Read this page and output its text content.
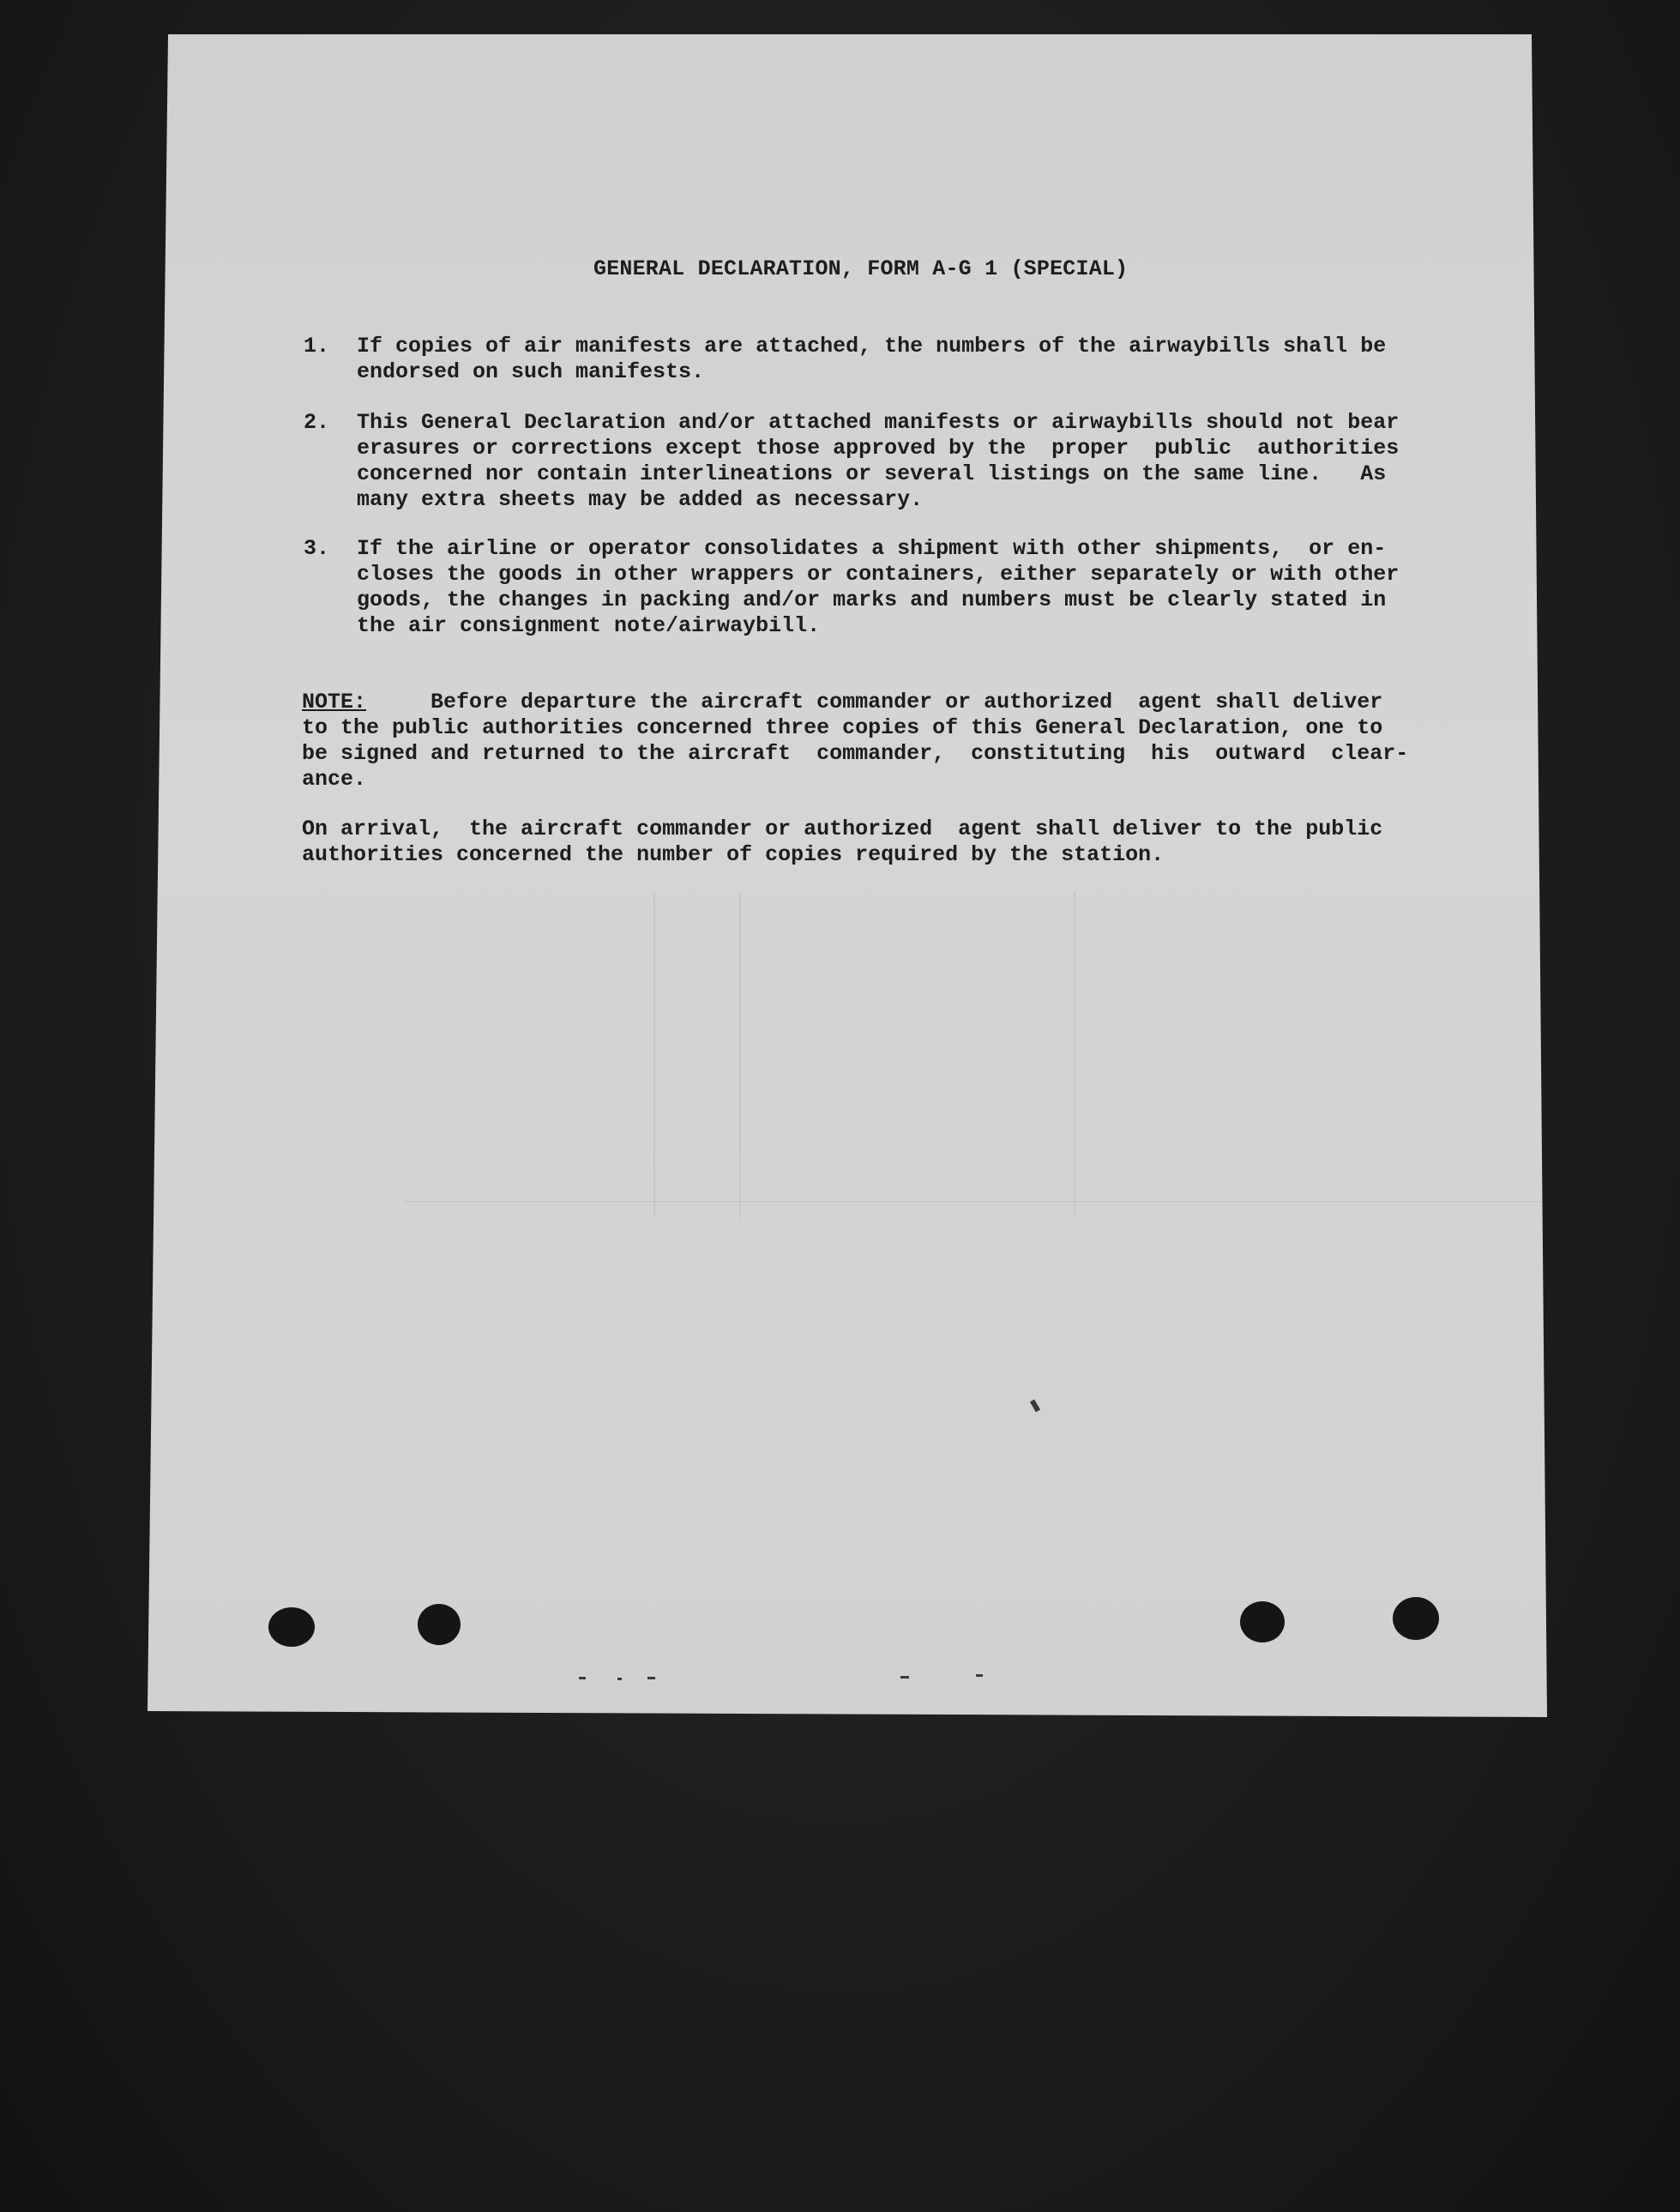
GENERAL DECLARATION, FORM A-G 1 (SPECIAL)
1. If copies of air manifests are attached, the numbers of the airwaybills shall be
endorsed on such manifests.
2. This General Declaration and/or attached manifests or airwaybills should not bear
erasures or corrections except those approved by the  proper  public  authorities
concerned nor contain interlineations or several listings on the same line.   As
many extra sheets may be added as necessary.
3. If the airline or operator consolidates a shipment with other shipments,  or en-
closes the goods in other wrappers or containers, either separately or with other
goods, the changes in packing and/or marks and numbers must be clearly stated in
the air consignment note/airwaybill.
NOTE:     Before departure the aircraft commander or authorized  agent shall deliver
to the public authorities concerned three copies of this General Declaration, one to
be signed and returned to the aircraft  commander,  constituting  his  outward  clear-
ance.
On arrival,  the aircraft commander or authorized  agent shall deliver to the public
authorities concerned the number of copies required by the station.
